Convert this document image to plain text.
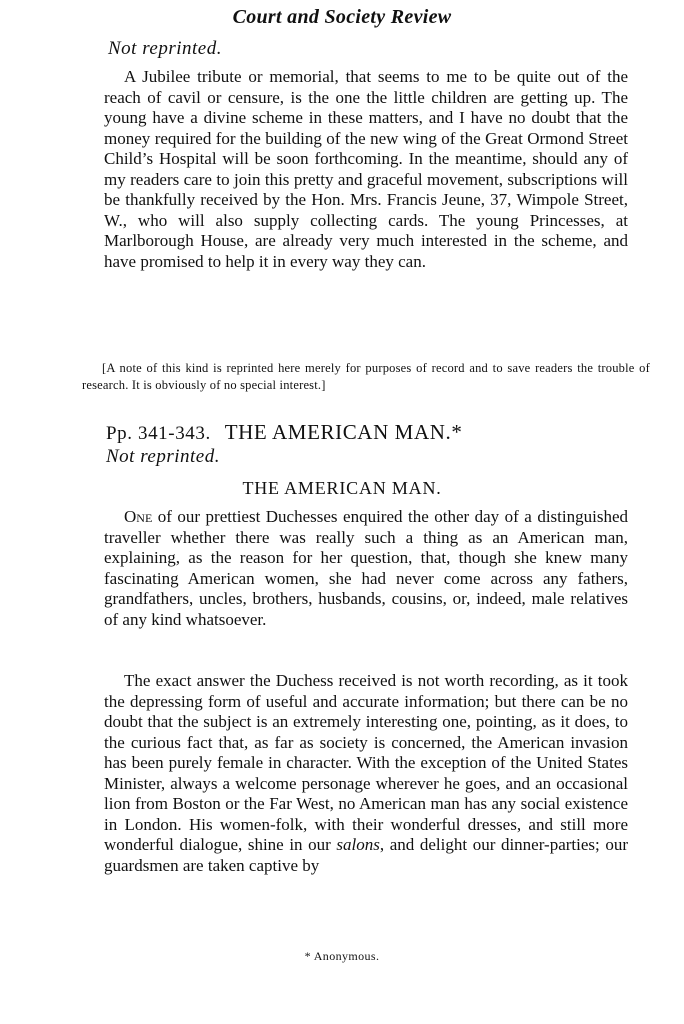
Court and Society Review
Not reprinted.

A Jubilee tribute or memorial, that seems to me to be quite out of the reach of cavil or censure, is the one the little children are getting up. The young have a divine scheme in these matters, and I have no doubt that the money required for the building of the new wing of the Great Ormond Street Child’s Hospital will be soon forthcoming. In the meantime, should any of my readers care to join this pretty and graceful movement, subscriptions will be thankfully received by the Hon. Mrs. Francis Jeune, 37, Wimpole Street, W., who will also supply collecting cards. The young Princesses, at Marlborough House, are already very much interested in the scheme, and have promised to help it in every way they can.

[A note of this kind is reprinted here merely for purposes of record and to save readers the trouble of research. It is obviously of no special interest.]

Pp. 341-343. THE AMERICAN MAN.*
Not reprinted.
THE AMERICAN MAN.

One of our prettiest Duchesses enquired the other day of a distinguished traveller whether there was really such a thing as an American man, explaining, as the reason for her question, that, though she knew many fascinating American women, she had never come across any fathers, grandfathers, uncles, brothers, husbands, cousins, or, indeed, male relatives of any kind whatsoever.

The exact answer the Duchess received is not worth recording, as it took the depressing form of useful and accurate information; but there can be no doubt that the subject is an extremely interesting one, pointing, as it does, to the curious fact that, as far as society is concerned, the American invasion has been purely female in character. With the exception of the United States Minister, always a welcome personage wherever he goes, and an occasional lion from Boston or the Far West, no American man has any social existence in London. His women-folk, with their wonderful dresses, and still more wonderful dialogue, shine in our salons, and delight our dinner-parties; our guardsmen are taken captive by

* Anonymous.
